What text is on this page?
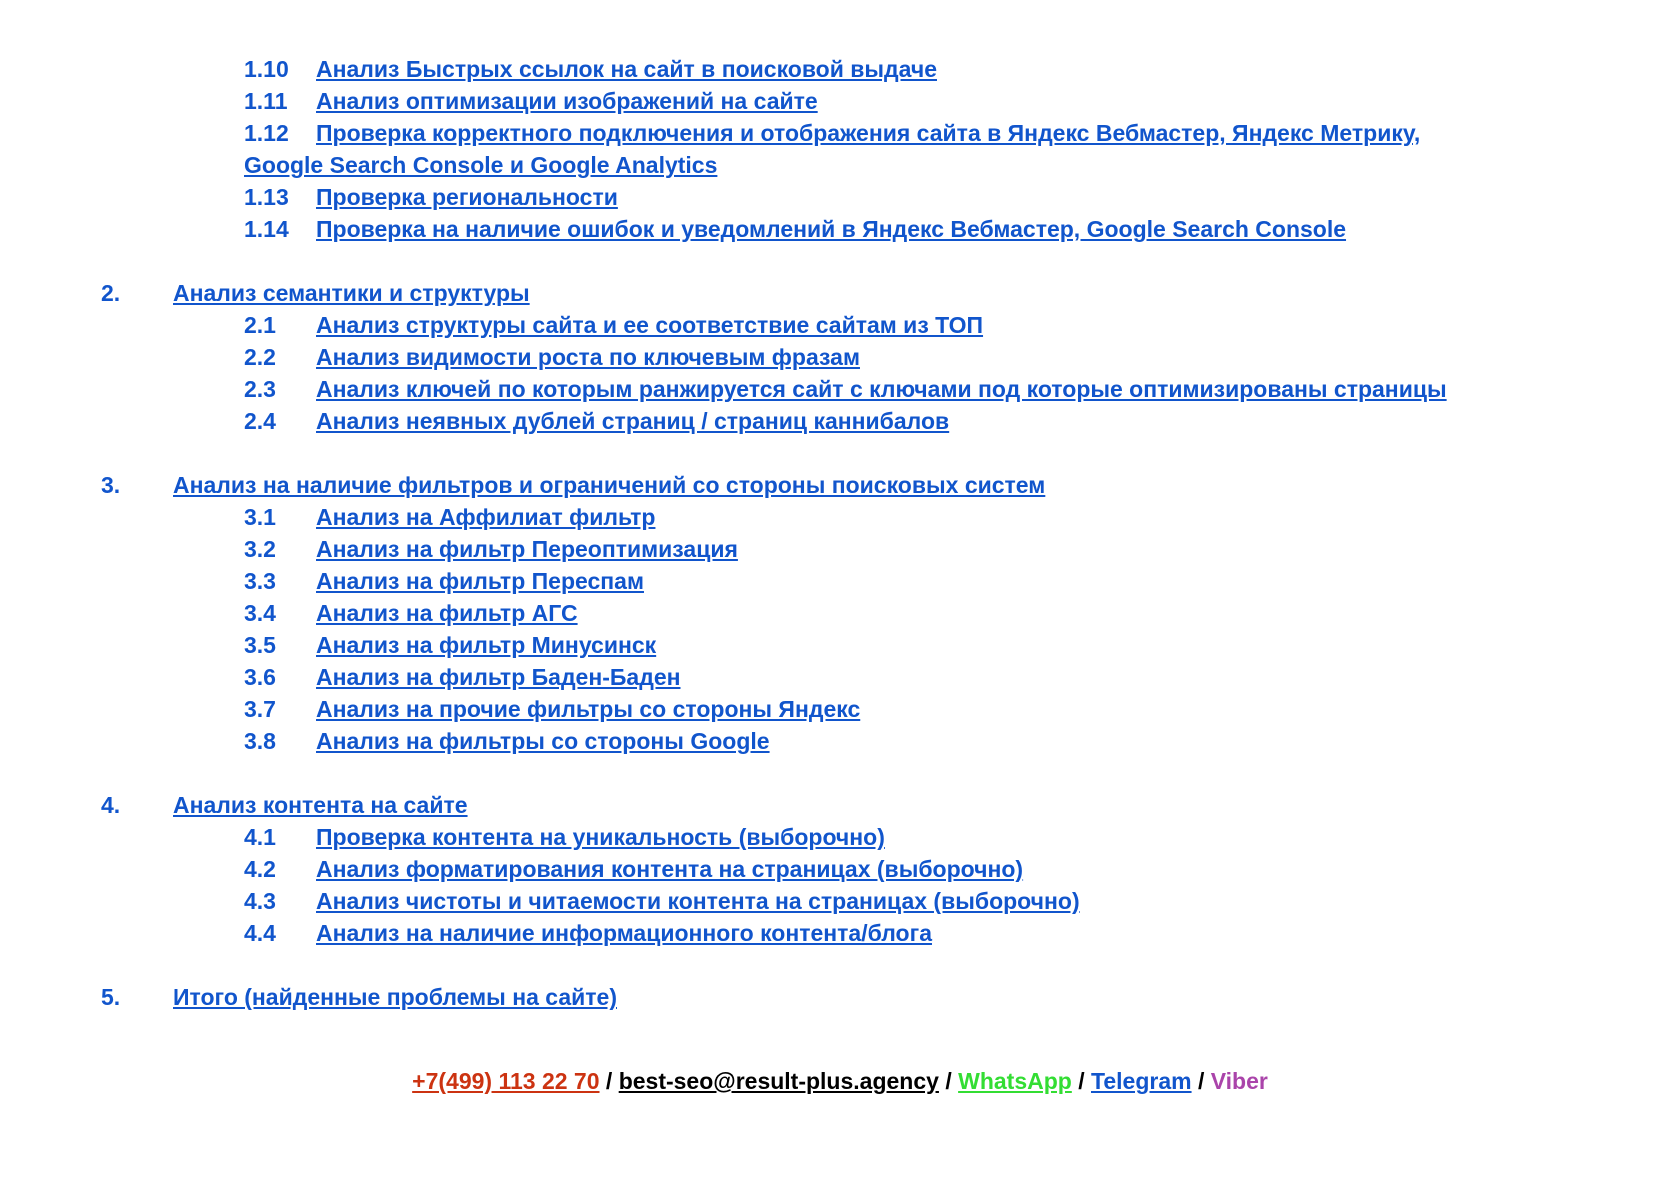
1.10 Анализ Быстрых ссылок на сайт в поисковой выдаче
1.11 Анализ оптимизации изображений на сайте
1.12 Проверка корректного подключения и отображения сайта в Яндекс Вебмастер, Яндекс Метрику, Google Search Console и Google Analytics
1.13 Проверка региональности
1.14 Проверка на наличие ошибок и уведомлений в Яндекс Вебмастер, Google Search Console
2. Анализ семантики и структуры
2.1 Анализ структуры сайта и ее соответствие сайтам из ТОП
2.2 Анализ видимости роста по ключевым фразам
2.3 Анализ ключей по которым ранжируется сайт с ключами под которые оптимизированы страницы
2.4 Анализ неявных дублей страниц / страниц каннибалов
3. Анализ на наличие фильтров и ограничений со стороны поисковых систем
3.1 Анализ на Аффилиат фильтр
3.2 Анализ на фильтр Переоптимизация
3.3 Анализ на фильтр Переспам
3.4 Анализ на фильтр АГС
3.5 Анализ на фильтр Минусинск
3.6 Анализ на фильтр Баден-Баден
3.7 Анализ на прочие фильтры со стороны Яндекс
3.8 Анализ на фильтры со стороны Google
4. Анализ контента на сайте
4.1 Проверка контента на уникальность (выборочно)
4.2 Анализ форматирования контента на страницах (выборочно)
4.3 Анализ чистоты и читаемости контента на страницах (выборочно)
4.4 Анализ на наличие информационного контента/блога
5. Итого (найденные проблемы на сайте)
+7(499) 113 22 70 / best-seo@result-plus.agency / WhatsApp / Telegram / Viber
